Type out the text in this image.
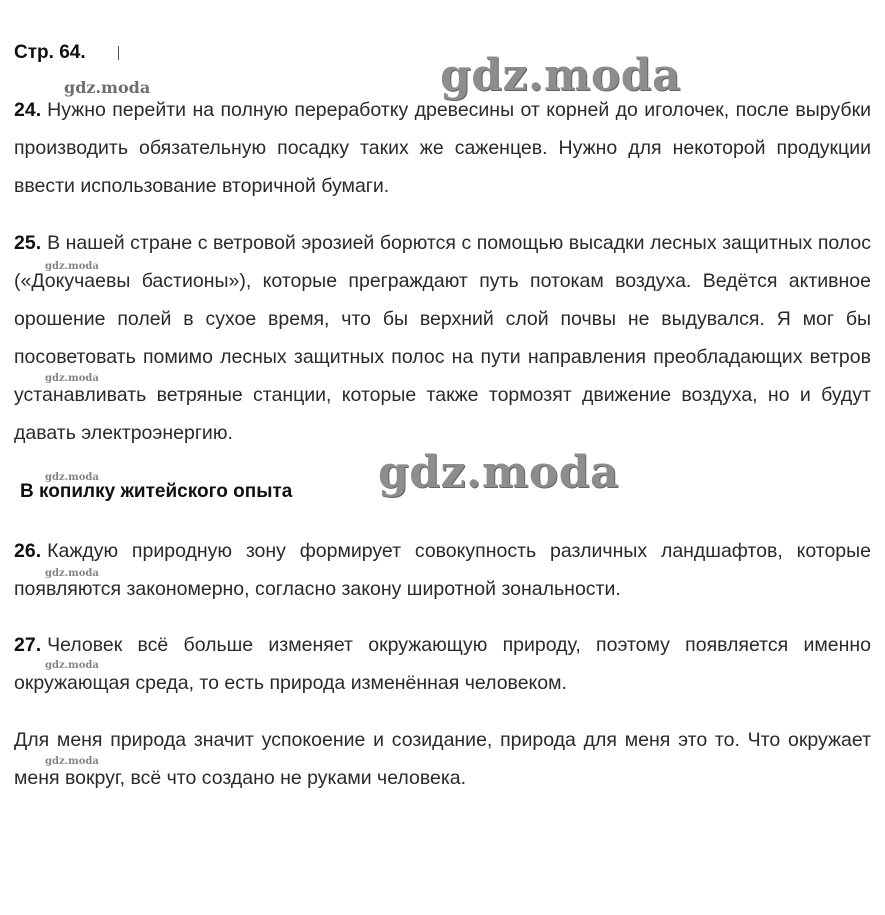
Стр. 64.
24. Нужно перейти на полную переработку древесины от корней до иголочек, после вырубки производить обязательную посадку таких же саженцев. Нужно для некоторой продукции ввести использование вторичной бумаги.
25. В нашей стране с ветровой эрозией борются с помощью высадки лесных защитных полос («Докучаевы бастионы»), которые преграждают путь потокам воздуха. Ведётся активное орошение полей в сухое время, что бы верхний слой почвы не выдувался. Я мог бы посоветовать помимо лесных защитных полос на пути направления преобладающих ветров устанавливать ветряные станции, которые также тормозят движение воздуха, но и будут давать электроэнергию.
В копилку житейского опыта
26. Каждую природную зону формирует совокупность различных ландшафтов, которые появляются закономерно, согласно закону широтной зональности.
27. Человек всё больше изменяет окружающую природу, поэтому появляется именно окружающая среда, то есть природа изменённая человеком.
Для меня природа значит успокоение и созидание, природа для меня это то. Что окружает меня вокруг, всё что создано не руками человека.
gdz.moda
gdz.moda
gdz.moda
gdz.moda
gdz.moda
gdz.moda
gdz.moda
gdz.moda
gdz.moda
